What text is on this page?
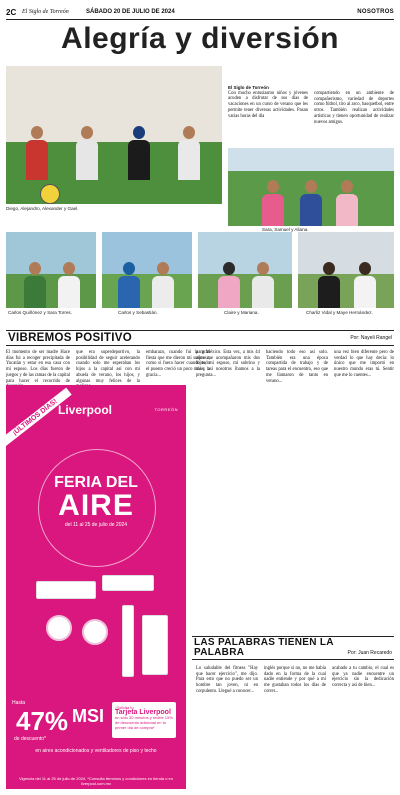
2C El Siglo de Torreón	SÁBADO 20 DE JULIO DE 2024	NOSOTROS
Alegría y diversión
Diego, Alejandro, Alexander y Gael.
El Siglo de Torreón
Con mucho entusiasmo niños y jóvenes acuden a disfrutar de sus días de vacaciones en un curso de verano que les permite tener diversas actividades. Pasan varias horas del día
compartiendo en un ambiente de compañerismo, variedad de deportes como fútbol, tiro al arco, basquetbol, entre otros. También realizan actividades artísticas y tienen oportunidad de realizar nuevos amigos.
Sara, Samuel y Aliana.
Carlos Quiñónez y Sara Torres.	Carlos y Sebastián.	Claire y Mariana.	Charliz Vidal y Maye Hernández.
VIBREMOS POSITIVO	Por: Nayeli Rangel
El momento de ser madre Hace días fui a recoger precipitada de Yucatán y estar en esa casa con mi esposo. Los días fueron de juegos y de las ramas de la capital para hacer el recorrido de
que era superdeportivo, la posibilidad de seguir acelerando cuando solo me esperaban los hijos a la capital así con mi abuela de verano, los hijos, y algunas muy felices de la
embarazo, cuando fuí la gran fiesta que me dieron mi sorpresa, como si fuera hacer cuando todo el puesto creció un poco más y la gracia...
para México. Esta vez, a mis 44 años me acompañaron mis dos hijos, mi esposo, mi sobrino y más, así nosotros íbamos a la pregunta...
haciendo todo eso así solo. También era una época compartida de trabajo y de tareas para el encuentro, eso que me llamaron de tanto en verano...
una vez bien diferente pero de verdad lo que hay decía: lo único que me importó en nuestro mundo eras tú. Sentir que me lo cuentes...
¡ÚLTIMOS DÍAS! Liverpool	TORREÓN
FERIA DEL
AIRE
del 11 al 25 de julio de 2024
Hasta
47%
de descuento*
MSI	¡Solicita tu
Tarjeta Liverpool
en sólo 30 minutos y recibe 15% de descuento adicional en tu primer día de compra*
en aires acondicionados y ventiladores de piso y techo
Vigencia del 11 al 25 de julio de 2024. *Consulta términos y condiciones en tienda o en liverpool.com.mx
LAS PALABRAS TIENEN LA PALABRA	Por: Juan Recaredo
Lo saludable del fitness "Hay que hacer ejercicio", me dijo. Para esto que no puedo ser un hombre tan joven, ni en corpulento. Llegué a conocer...
inglés porque si no, no me había dado en la forma de la cual nadie entiende y por qué a mí me gustaban todos los días de correr...
acabado a tu cambio, el cual es que ya nadie encuentre un ejercicio sin la dedicación correcta y así de bien...
